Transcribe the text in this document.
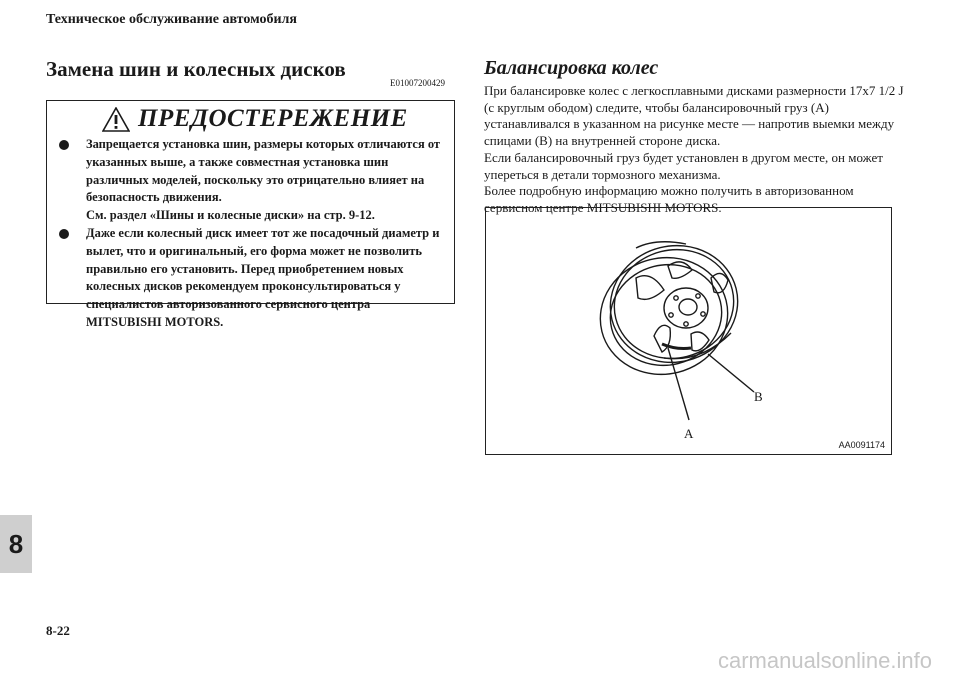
Техническое обслуживание автомобиля
Замена шин и колесных дисков
E01007200429
ПРЕДОСТЕРЕЖЕНИЕ
Запрещается установка шин, размеры которых отличаются от указанных выше, а также совместная установка шин различных моделей, поскольку это отрицательно влияет на безопасность движения.
См. раздел «Шины и колесные диски» на стр. 9-12.
Даже если колесный диск имеет тот же посадочный диаметр и вылет, что и оригинальный, его форма может не позволить правильно его установить. Перед приобретением новых колесных дисков рекомендуем проконсультироваться у специалистов авторизованного сервисного центра MITSUBISHI MOTORS.
Балансировка колес

При балансировке колес с легкосплавными дисками размерности 17x7 1/2 J (с круглым ободом) следите, чтобы балансировочный груз (A) устанавливался в указанном на рисунке месте — напротив выемки между спицами (B) на внутренней стороне диска.

Если балансировочный груз будет установлен в другом месте, он может упереться в детали тормозного механизма.

Более подробную информацию можно получить в авторизованном сервисном центре MITSUBISHI MOTORS.

B
A
AA0091174
8
8-22
carmanualsonline.info
